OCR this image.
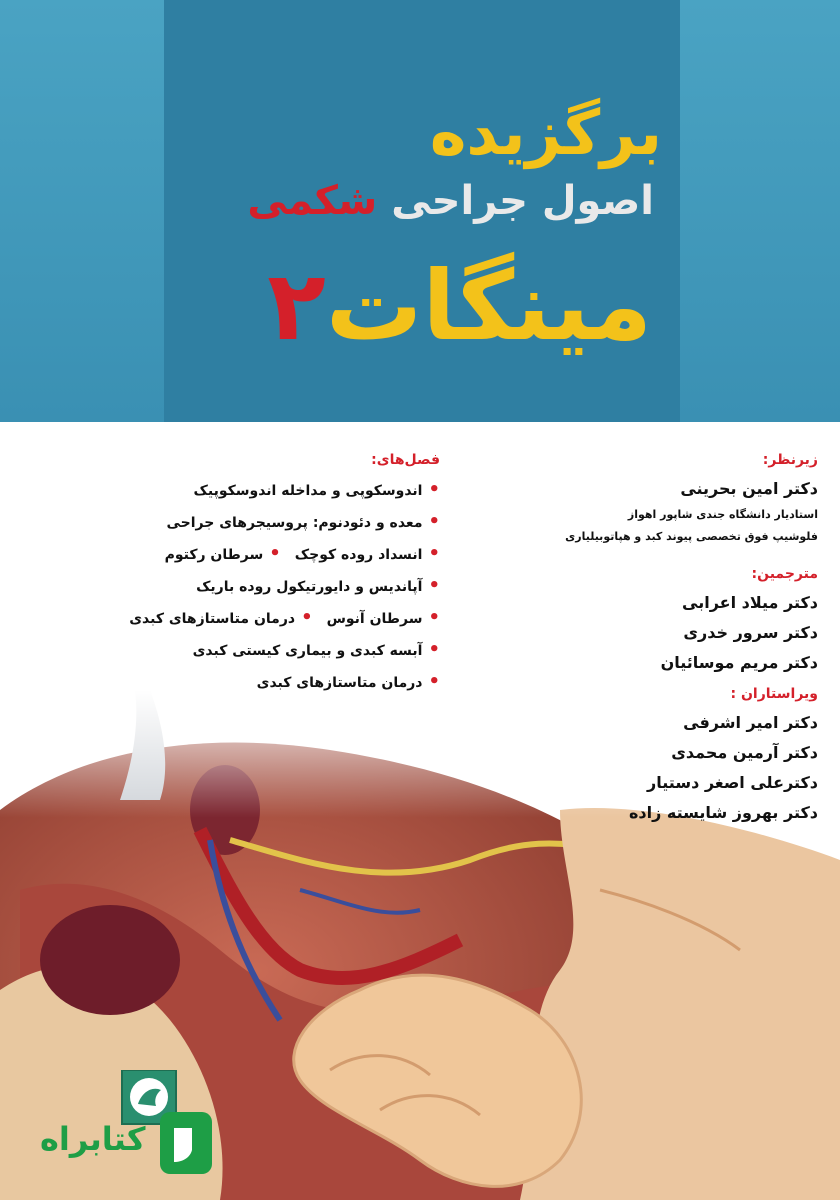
برگزیده
اصول جراحی شکمی
مینگات۲
زیرنظر:
دکتر امین بحرینی
استادیار دانشگاه جندی شاپور اهواز
فلوشیپ فوق تخصصی پیوند کبد و هپاتوبیلیاری
مترجمین:
دکتر میلاد اعرابی
دکتر سرور خدری
دکتر مریم موسائیان
ویراستاران :
دکتر امیر اشرفی
دکتر آرمین محمدی
دکترعلی اصغر دستیار
دکتر بهروز شایسته زاده
فصل‌های:
•اندوسکوپی و مداخله اندوسکوپیک
•معده و دئودنوم: پروسیجرهای جراحی
•انسداد روده کوچک•سرطان رکتوم
•آپاندیس و دایورتیکول روده باریک
•سرطان آنوس•درمان متاستازهای کبدی
•آبسه کبدی و بیماری کیستی کبدی
•درمان متاستازهای کبدی
کتابراه
